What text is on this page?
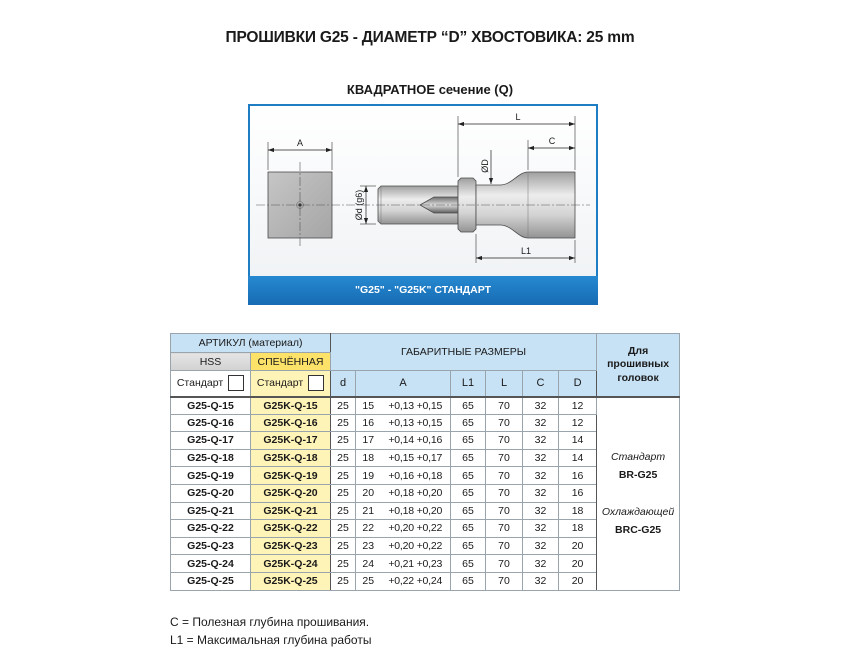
ПРОШИВКИ G25 - ДИАМЕТР “D” ХВОСТОВИКА: 25 mm
КВАДРАТНОЕ сечение (Q)
A
L
C
L1
Ød (g6)
ØD
"G25" - "G25K" СТАНДАРТ
АРТИКУЛ (материал)		ГАБАРИТНЫЕ РАЗМЕРЫ							Для
прошивных
головок

HSS	СПЕЧЁННАЯ								
Стандарт	Стандарт	d	A		L1	L	C	D	
G25-Q-15	G25K-Q-15	25	15	+0,13 +0,15	65	70	32	12	Стандарт
BR-G25
Охлаждающей
BRC-G25

G25-Q-16	G25K-Q-16	25	16	+0,13 +0,15	65	70	32	12	
G25-Q-17	G25K-Q-17	25	17	+0,14 +0,16	65	70	32	14	
G25-Q-18	G25K-Q-18	25	18	+0,15 +0,17	65	70	32	14	
G25-Q-19	G25K-Q-19	25	19	+0,16 +0,18	65	70	32	16	
G25-Q-20	G25K-Q-20	25	20	+0,18 +0,20	65	70	32	16	
G25-Q-21	G25K-Q-21	25	21	+0,18 +0,20	65	70	32	18	
G25-Q-22	G25K-Q-22	25	22	+0,20 +0,22	65	70	32	18	
G25-Q-23	G25K-Q-23	25	23	+0,20 +0,22	65	70	32	20	
G25-Q-24	G25K-Q-24	25	24	+0,21 +0,23	65	70	32	20	
G25-Q-25	G25K-Q-25	25	25	+0,22 +0,24	65	70	32	20	
C = Полезная глубина прошивания.
L1 = Максимальная глубина работы
